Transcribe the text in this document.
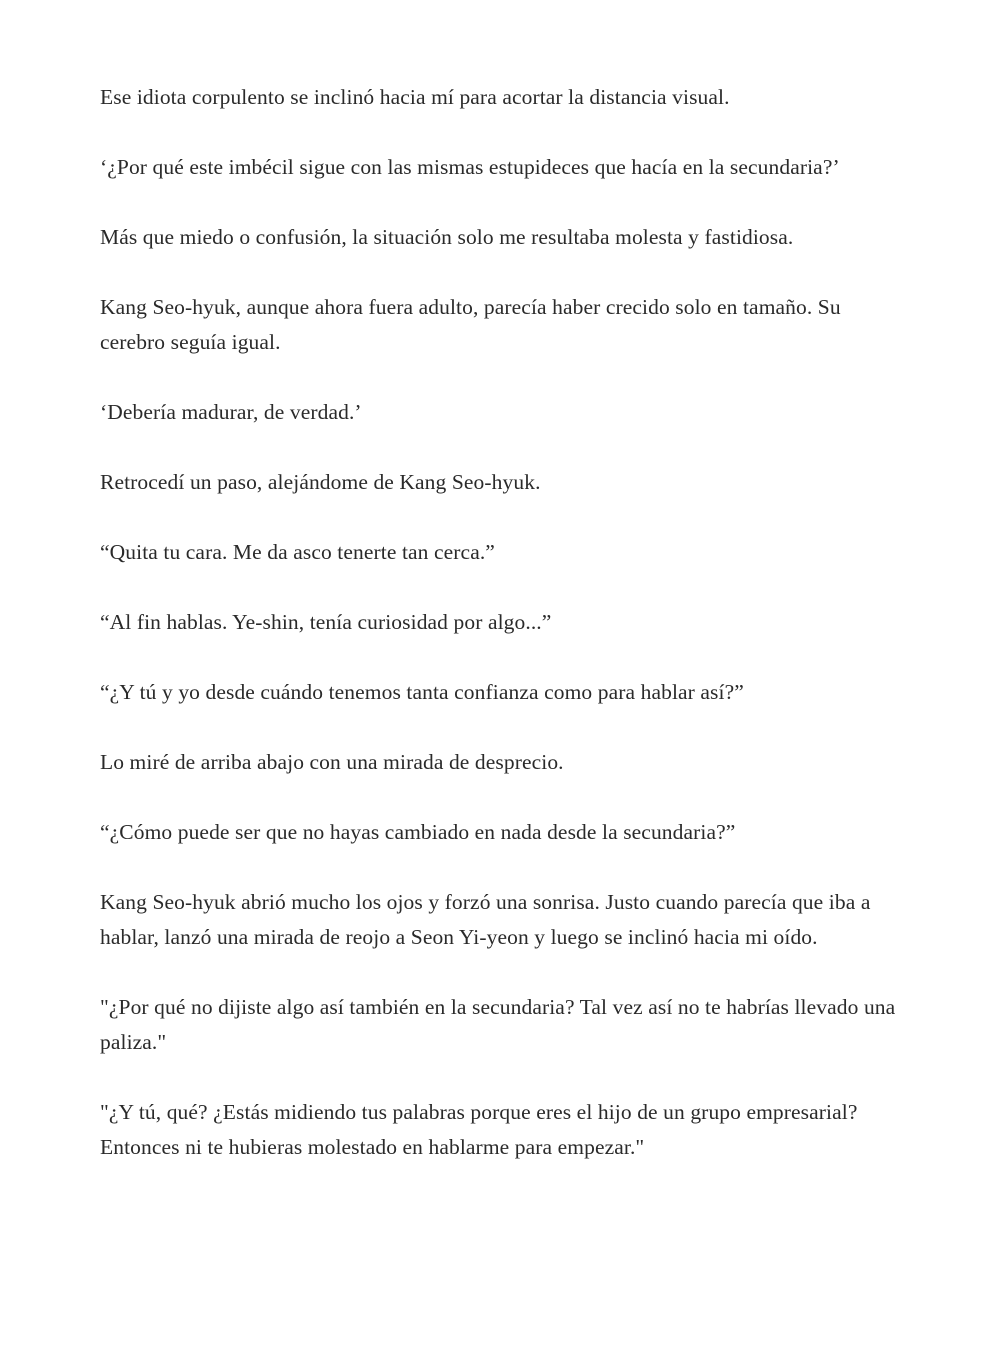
Ese idiota corpulento se inclinó hacia mí para acortar la distancia visual.

‘¿Por qué este imbécil sigue con las mismas estupideces que hacía en la secundaria?’

Más que miedo o confusión, la situación solo me resultaba molesta y fastidiosa.

Kang Seo-hyuk, aunque ahora fuera adulto, parecía haber crecido solo en tamaño. Su cerebro seguía igual.

‘Debería madurar, de verdad.’

Retrocedí un paso, alejándome de Kang Seo-hyuk.

“Quita tu cara. Me da asco tenerte tan cerca.”

“Al fin hablas. Ye-shin, tenía curiosidad por algo...”

“¿Y tú y yo desde cuándo tenemos tanta confianza como para hablar así?”

Lo miré de arriba abajo con una mirada de desprecio.

“¿Cómo puede ser que no hayas cambiado en nada desde la secundaria?”

Kang Seo-hyuk abrió mucho los ojos y forzó una sonrisa. Justo cuando parecía que iba a hablar, lanzó una mirada de reojo a Seon Yi-yeon y luego se inclinó hacia mi oído.

"¿Por qué no dijiste algo así también en la secundaria? Tal vez así no te habrías llevado una paliza."

"¿Y tú, qué? ¿Estás midiendo tus palabras porque eres el hijo de un grupo empresarial? Entonces ni te hubieras molestado en hablarme para empezar."
